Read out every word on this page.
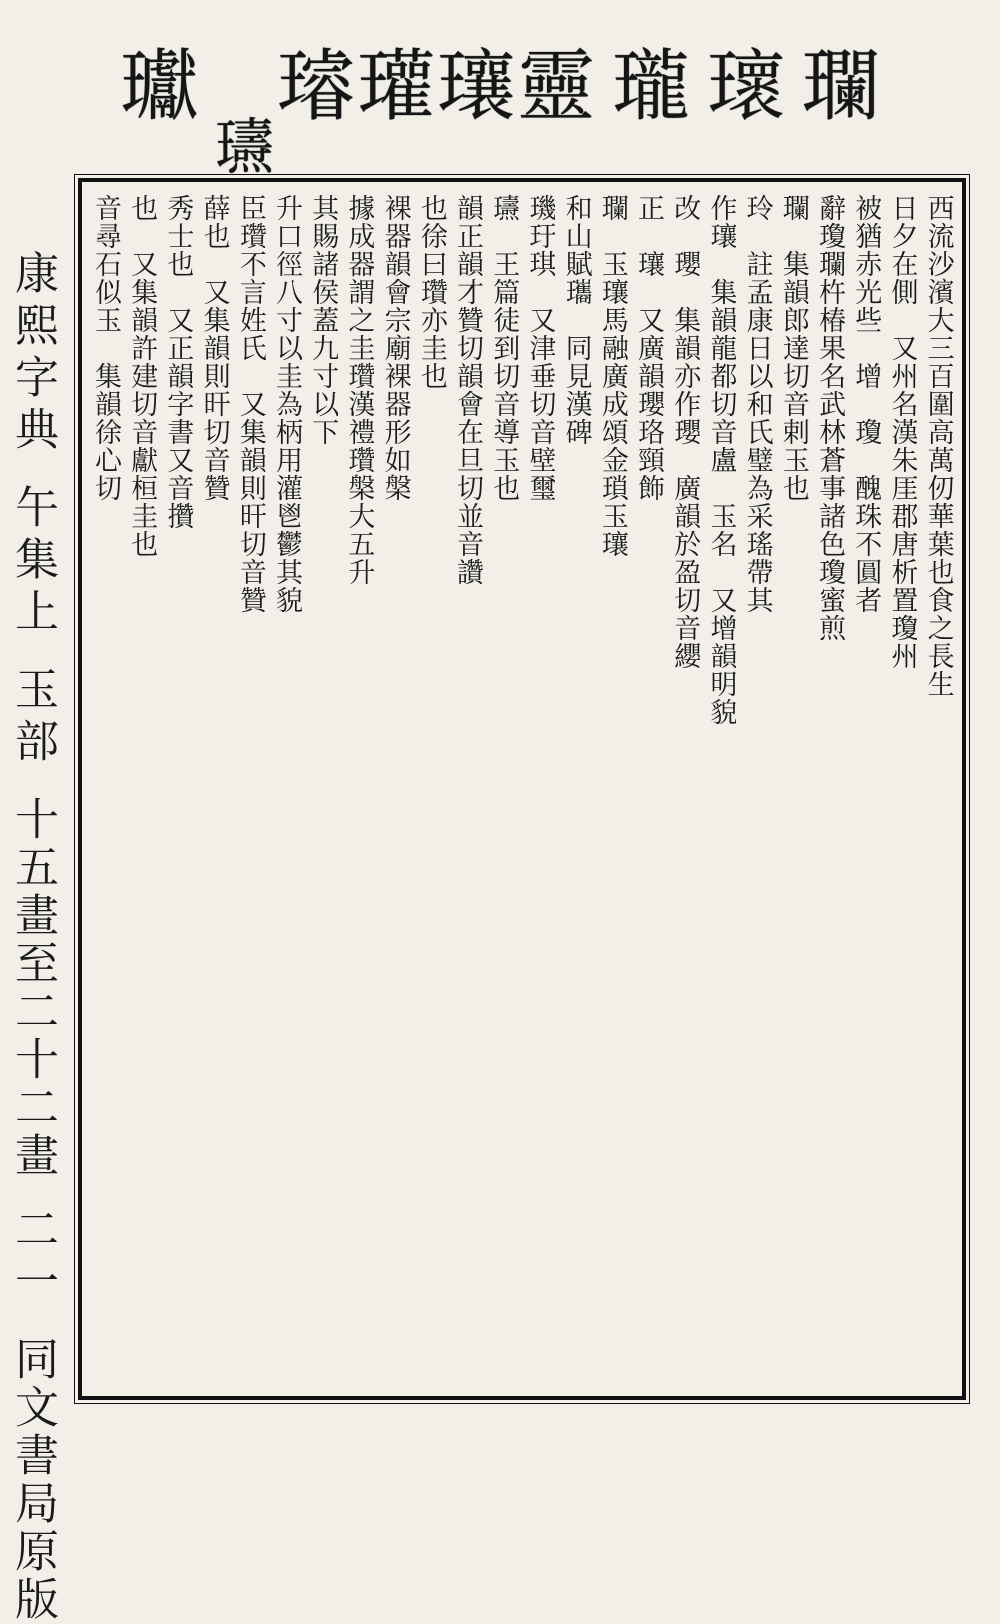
瓓
瓌
瓏
靈
瓖
瓘
璿
瓙
瓛
康熙字典
午集上
玉部
十五畫至二十二畫
二一
同文書局原版
西流沙濱大三百圍高萬仞華葉也食之長生
日夕在側　又州名漢朱厓郡唐析置瓊州
被猶赤光些　增　瓊　醜珠不圓者
辭瓊瓓杵椿果名武林蒼事諸色瓊蜜煎
瓓　集韻郎達切音剌玉也
玲　註孟康日以和氏璧為采瑤帶其
作瓖　集韻龍都切音盧　玉名　又增韻明貌
改　瓔　集韻亦作瓔　廣韻於盈切音纓
正　瓖　又廣韻瓔珞頸飾
瓓　玉瓖馬融廣成頌金瑣玉瓖
和山賦瓗　同見漢碑
璣玗琪　又津垂切音壁璽
瓙　王篇徒到切音導玉也
韻正韻才贊切韻會在旦切並音讚
也徐曰瓚亦圭也
裸器韻會宗廟裸器形如槃
據成器謂之圭瓚漢禮瓚槃大五升
其賜諸侯蓋九寸以下
升口徑八寸以圭為柄用灌鬯鬱其貌
臣瓚不言姓氏　又集韻則旰切音贊
薛也　又集韻則旰切音贊
秀士也　又正韻字書又音攢
也　又集韻許建切音獻桓圭也
音尋石似玉　集韻徐心切
